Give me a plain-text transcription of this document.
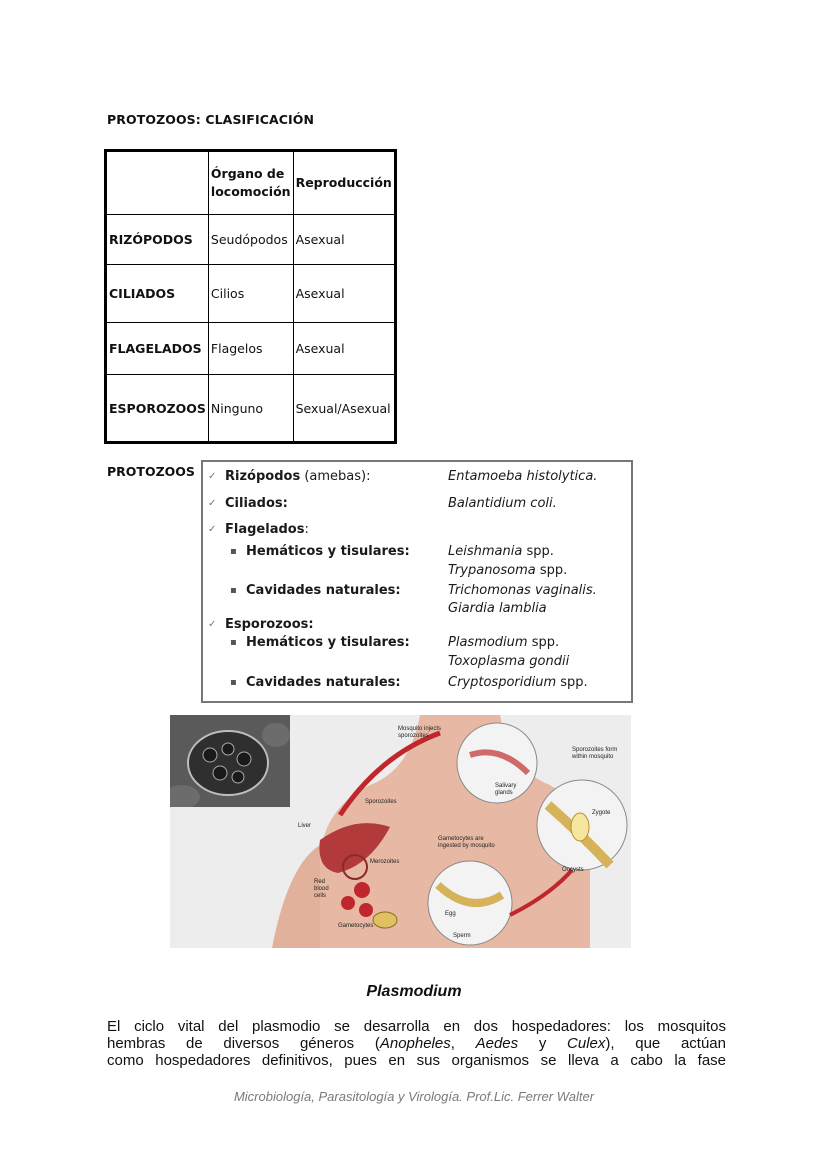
PROTOZOOS: CLASIFICACIÓN
	Órgano de locomoción	Reproducción
RIZÓPODOS	Seudópodos	Asexual
CILIADOS	Cilios	Asexual
FLAGELADOS	Flagelos	Asexual
ESPOROZOOS	Ninguno	Sexual/Asexual
PROTOZOOS ✓ Rizópodos (amebas):	Entamoeba histolytica.
✓ Ciliados:	Balantidium coli.
✓ Flagelados:
▪ Hemáticos y tisulares:	Leishmania spp.
Trypanosoma spp.
▪ Cavidades naturales:	Trichomonas vaginalis.
Giardia lamblia
✓ Esporozoos:
▪ Hemáticos y tisulares:	Plasmodium spp.
Toxoplasma gondii
▪ Cavidades naturales:	Cryptosporidium spp.
Mosquito injects sporozoites
Sporozoites form within mosquito
Salivary glands
Sporozoites
Zygote
Liver
Gametocytes are ingested by mosquito
Merozoites
Oocysts
Red blood cells
Egg
Gametocytes
Sperm
Plasmodium
El ciclo vital del plasmodio se desarrolla en dos hospedadores: los mosquitos
hembras de diversos géneros (Anopheles, Aedes y Culex), que actúan
como hospedadores definitivos, pues en sus organismos se lleva a cabo la fase
Microbiología, Parasitología y Virología. Prof.Lic. Ferrer Walter
